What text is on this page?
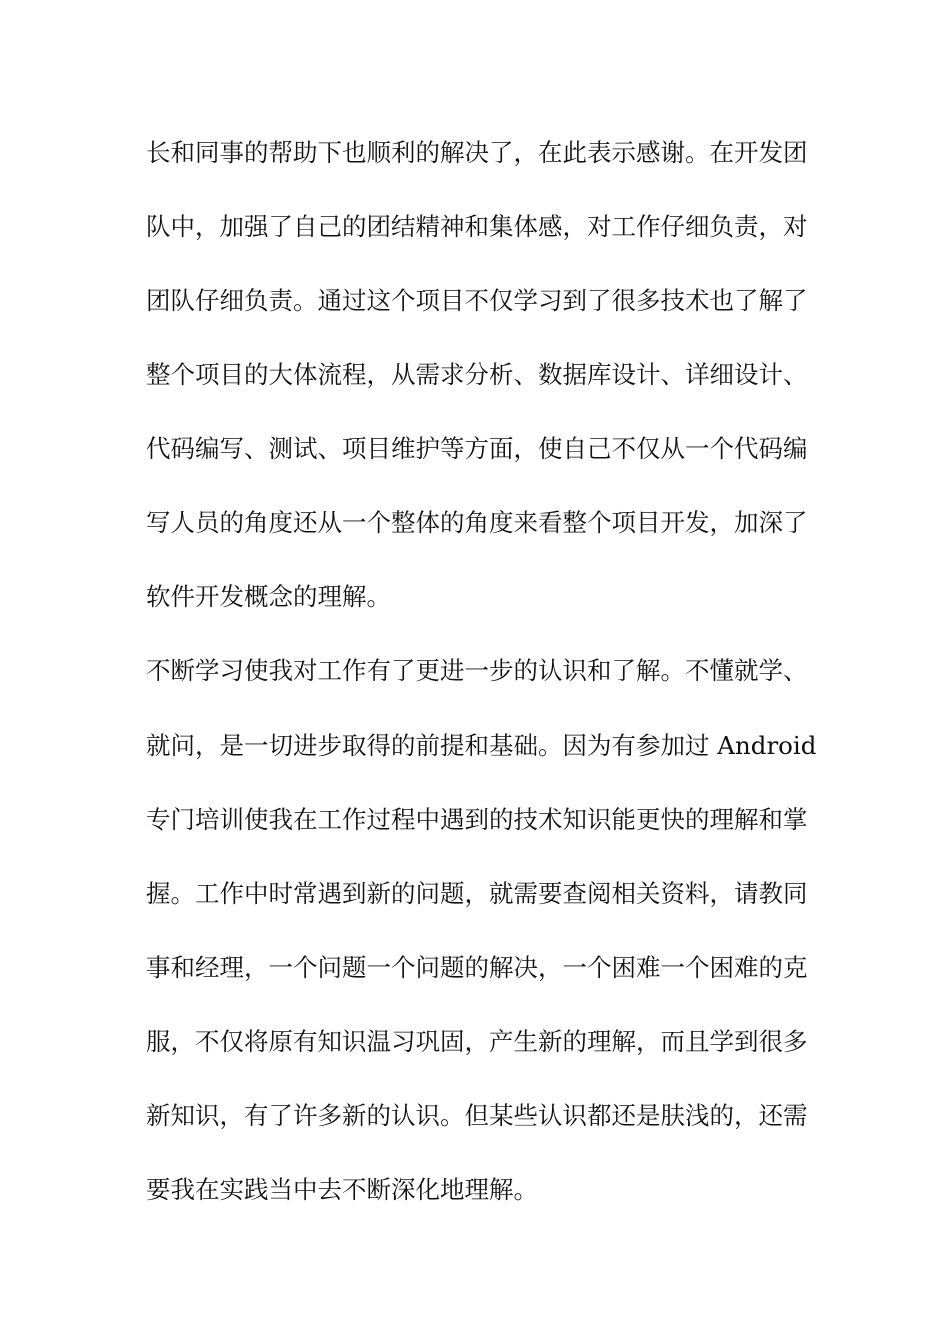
长和同事的帮助下也顺利的解决了，在此表示感谢。在开发团
队中，加强了自己的团结精神和集体感，对工作仔细负责，对
团队仔细负责。通过这个项目不仅学习到了很多技术也了解了
整个项目的大体流程，从需求分析、数据库设计、详细设计、
代码编写、测试、项目维护等方面，使自己不仅从一个代码编
写人员的角度还从一个整体的角度来看整个项目开发，加深了
软件开发概念的理解。
不断学习使我对工作有了更进一步的认识和了解。不懂就学、
就问，是一切进步取得的前提和基础。因为有参加过 Android
专门培训使我在工作过程中遇到的技术知识能更快的理解和掌
握。工作中时常遇到新的问题，就需要查阅相关资料，请教同
事和经理，一个问题一个问题的解决，一个困难一个困难的克
服，不仅将原有知识温习巩固，产生新的理解，而且学到很多
新知识，有了许多新的认识。但某些认识都还是肤浅的，还需
要我在实践当中去不断深化地理解。
